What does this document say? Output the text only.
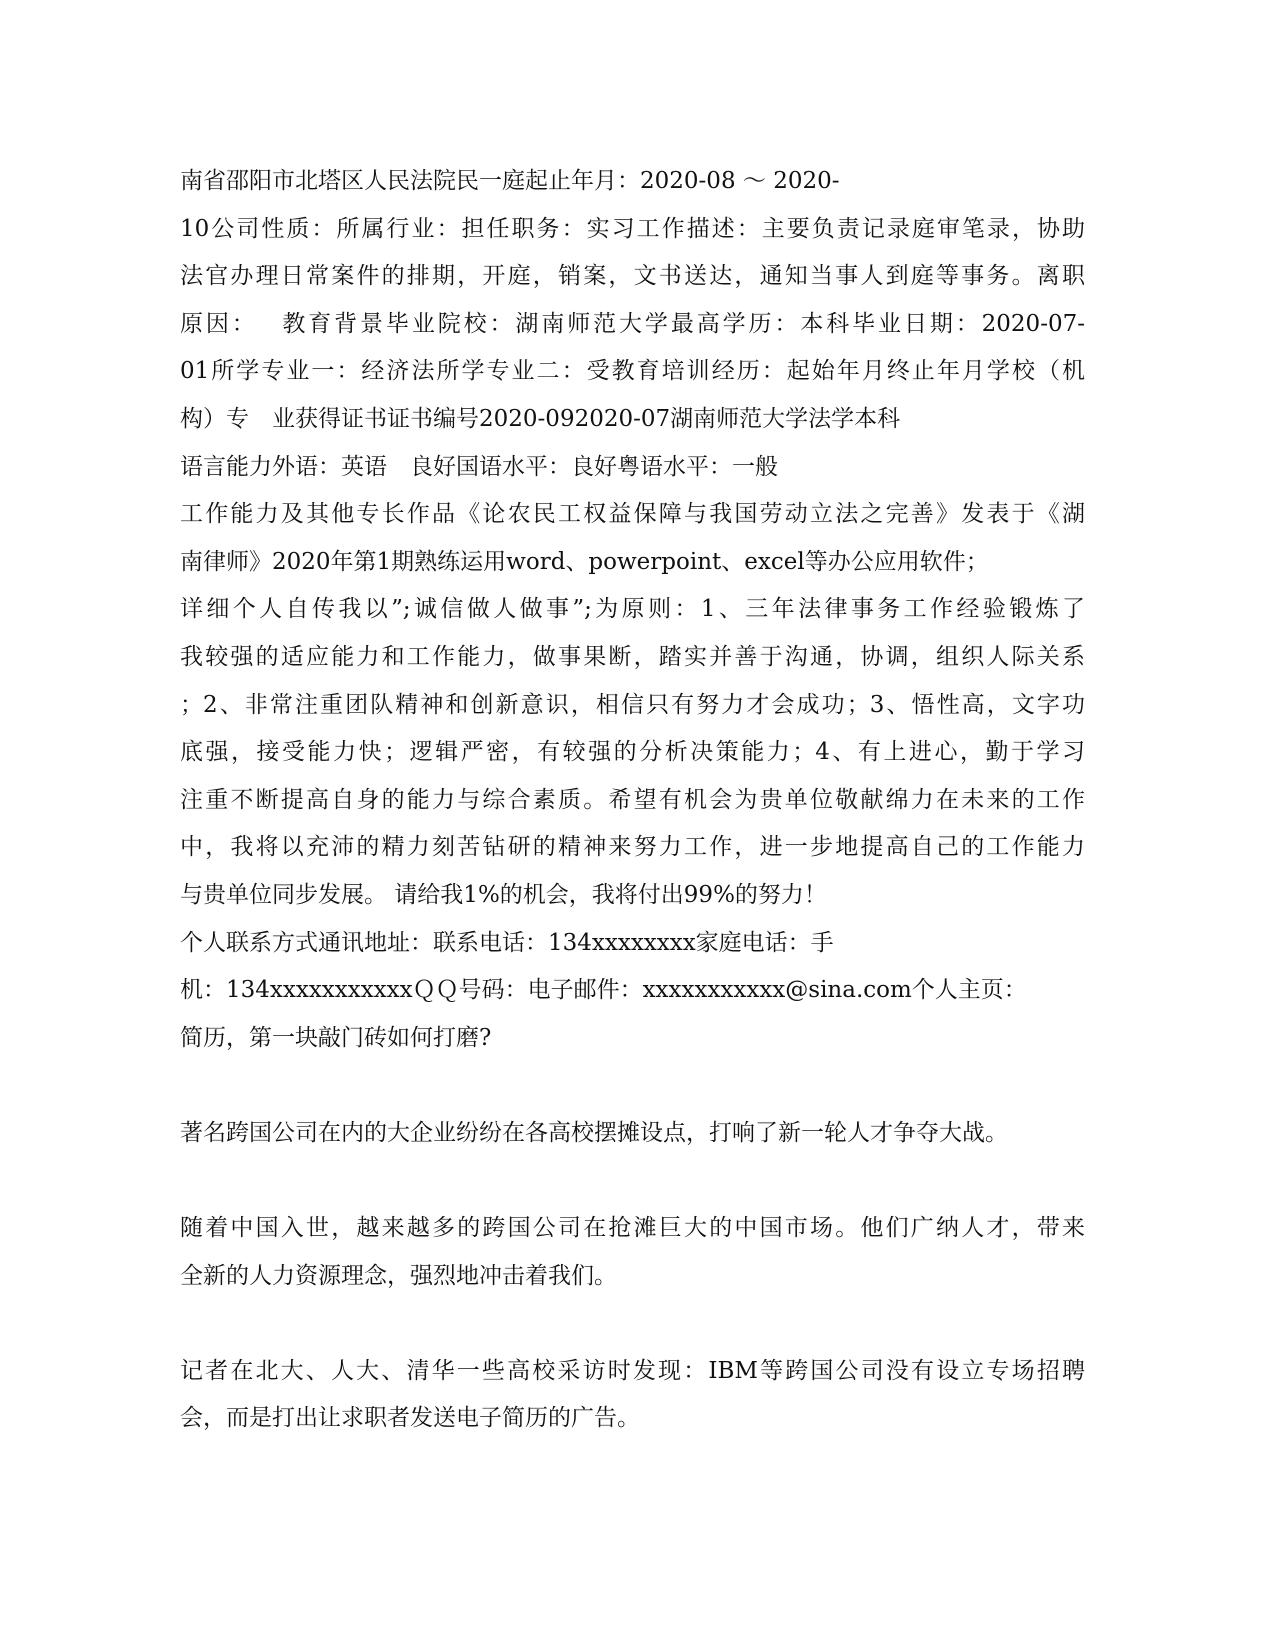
南省邵阳市北塔区人民法院民一庭起止年月：2020-08 ～ 2020-
10公司性质：所属行业：担任职务：实习工作描述：主要负责记录庭审笔录，协助
法官办理日常案件的排期，开庭，销案，文书送达，通知当事人到庭等事务。离职
原因：　 教育背景毕业院校：湖南师范大学最高学历：本科毕业日期：2020-07-
01所学专业一：经济法所学专业二：受教育培训经历：起始年月终止年月学校（机
构）专　业获得证书证书编号2020-092020-07湖南师范大学法学本科
语言能力外语：英语　良好国语水平：良好粤语水平：一般
工作能力及其他专长作品《论农民工权益保障与我国劳动立法之完善》发表于《湖
南律师》2020年第1期熟练运用word、powerpoint、excel等办公应用软件；
详细个人自传我以”;诚信做人做事”;为原则：1、三年法律事务工作经验锻炼了
我较强的适应能力和工作能力，做事果断，踏实并善于沟通，协调，组织人际关系
；2、非常注重团队精神和创新意识，相信只有努力才会成功；3、悟性高，文字功
底强，接受能力快；逻辑严密，有较强的分析决策能力；4、有上进心，勤于学习
注重不断提高自身的能力与综合素质。希望有机会为贵单位敬献绵力在未来的工作
中，我将以充沛的精力刻苦钻研的精神来努力工作，进一步地提高自己的工作能力
与贵单位同步发展。 请给我1%的机会，我将付出99%的努力！
个人联系方式通讯地址：联系电话：134xxxxxxxx家庭电话：手
机：134xxxxxxxxxxxＱＱ号码：电子邮件：xxxxxxxxxxx@sina.com个人主页：
简历，第一块敲门砖如何打磨?
著名跨国公司在内的大企业纷纷在各高校摆摊设点，打响了新一轮人才争夺大战。
随着中国入世，越来越多的跨国公司在抢滩巨大的中国市场。他们广纳人才，带来
全新的人力资源理念，强烈地冲击着我们。
记者在北大、人大、清华一些高校采访时发现：IBM等跨国公司没有设立专场招聘
会，而是打出让求职者发送电子简历的广告。
